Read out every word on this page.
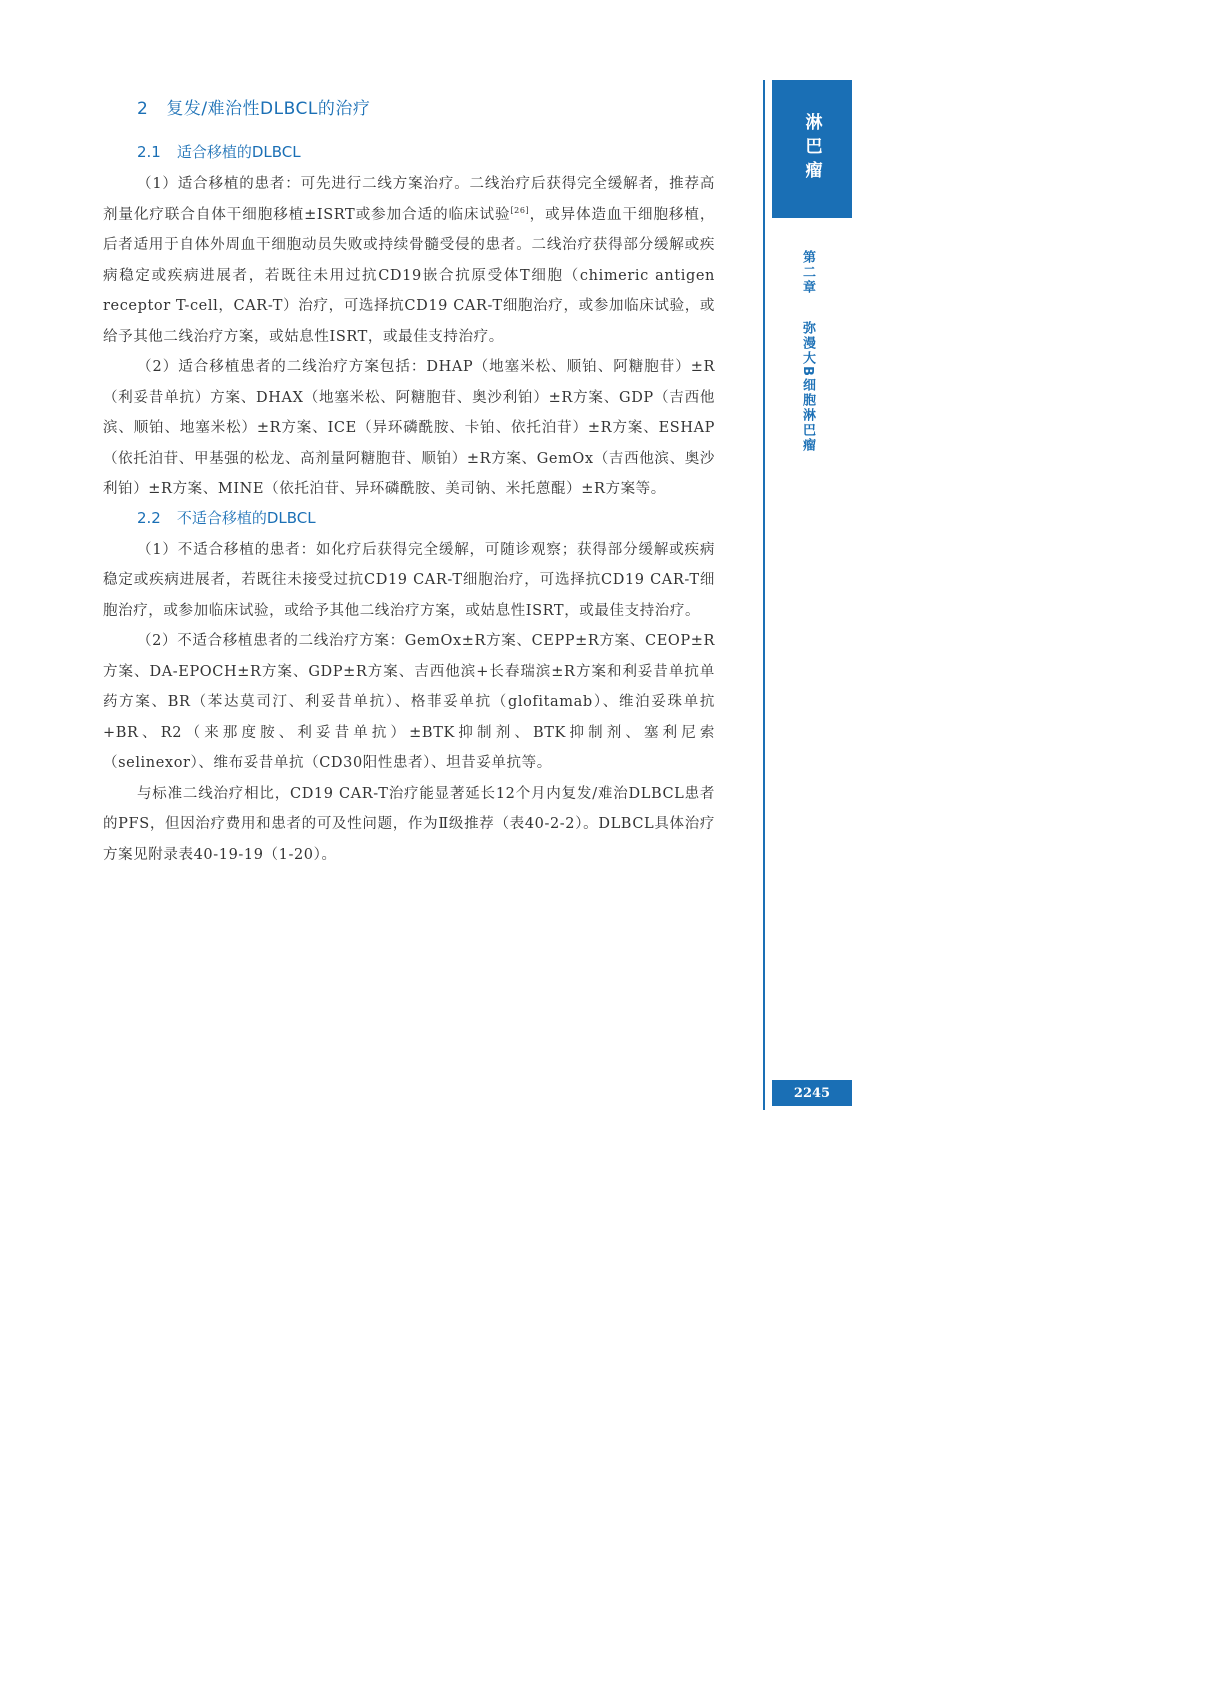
2 复发/难治性DLBCL的治疗
2.1 适合移植的DLBCL

（1）适合移植的患者：可先进行二线方案治疗。二线治疗后获得完全缓解者，推荐高剂量化疗联合自体干细胞移植±ISRT或参加合适的临床试验[26]，或异体造血干细胞移植，后者适用于自体外周血干细胞动员失败或持续骨髓受侵的患者。二线治疗获得部分缓解或疾病稳定或疾病进展者，若既往未用过抗CD19嵌合抗原受体T细胞（chimeric antigen receptor T-cell，CAR-T）治疗，可选择抗CD19 CAR-T细胞治疗，或参加临床试验，或给予其他二线治疗方案，或姑息性ISRT，或最佳支持治疗。

（2）适合移植患者的二线治疗方案包括：DHAP（地塞米松、顺铂、阿糖胞苷）±R（利妥昔单抗）方案、DHAX（地塞米松、阿糖胞苷、奥沙利铂）±R方案、GDP（吉西他滨、顺铂、地塞米松）±R方案、ICE（异环磷酰胺、卡铂、依托泊苷）±R方案、ESHAP（依托泊苷、甲基强的松龙、高剂量阿糖胞苷、顺铂）±R方案、GemOx（吉西他滨、奥沙利铂）±R方案、MINE（依托泊苷、异环磷酰胺、美司钠、米托蒽醌）±R方案等。

2.2 不适合移植的DLBCL

（1）不适合移植的患者：如化疗后获得完全缓解，可随诊观察；获得部分缓解或疾病稳定或疾病进展者，若既往未接受过抗CD19 CAR-T细胞治疗，可选择抗CD19 CAR-T细胞治疗，或参加临床试验，或给予其他二线治疗方案，或姑息性ISRT，或最佳支持治疗。

（2）不适合移植患者的二线治疗方案：GemOx±R方案、CEPP±R方案、CEOP±R方案、DA-EPOCH±R方案、GDP±R方案、吉西他滨+长春瑞滨±R方案和利妥昔单抗单药方案、BR（苯达莫司汀、利妥昔单抗）、格菲妥单抗（glofitamab）、维泊妥珠单抗+BR、R2（来那度胺、利妥昔单抗）±BTK抑制剂、BTK抑制剂、塞利尼索（selinexor）、维布妥昔单抗（CD30阳性患者）、坦昔妥单抗等。

与标准二线治疗相比，CD19 CAR-T治疗能显著延长12个月内复发/难治DLBCL患者的PFS，但因治疗费用和患者的可及性问题，作为Ⅱ级推荐（表40-2-2）。DLBCL具体治疗方案见附录表40-19-19（1-20）。

淋巴瘤
第二章弥漫大B细胞淋巴瘤
2245
